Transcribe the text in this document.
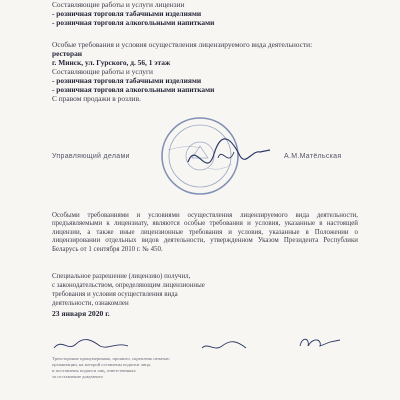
Составляющие работы и услуги лицензии
- розничная торговля табачными изделиями
- розничная торговля алкогольными напитками
Особые требования и условия осуществления лицензируемого вида деятельности:
ресторан
г. Минск, ул. Гурского, д. 56, 1 этаж
Составляющие работы и услуги
- розничная торговля табачными изделиями
- розничная торговля алкогольными напитками
С правом продажи в розлив.
Управляющий делами	А.М.Матёльская
Особыми требованиями и условиями осуществления лицензируемого вида деятельности, предъявляемыми к лицензиату, являются особые требования и условия, указанные в настоящей лицензии, а также иные лицензионные требования и условия, указанные в Положении о лицензировании отдельных видов деятельности, утвержденном Указом Президента Республики Беларусь от 1 сентября 2010 г. № 450.
Специальное разрешение (лицензию) получил,
с законодательством, определяющим лицензионные
требования и условия осуществления вида
деятельности, ознакомлен
23 января 2020 г.
Трехсторонне пронумеровано, прошито, скреплено печатью
организации, на которой оставлены подписи лица,
и поставлены подписи лиц, ответственных
за составление документа
